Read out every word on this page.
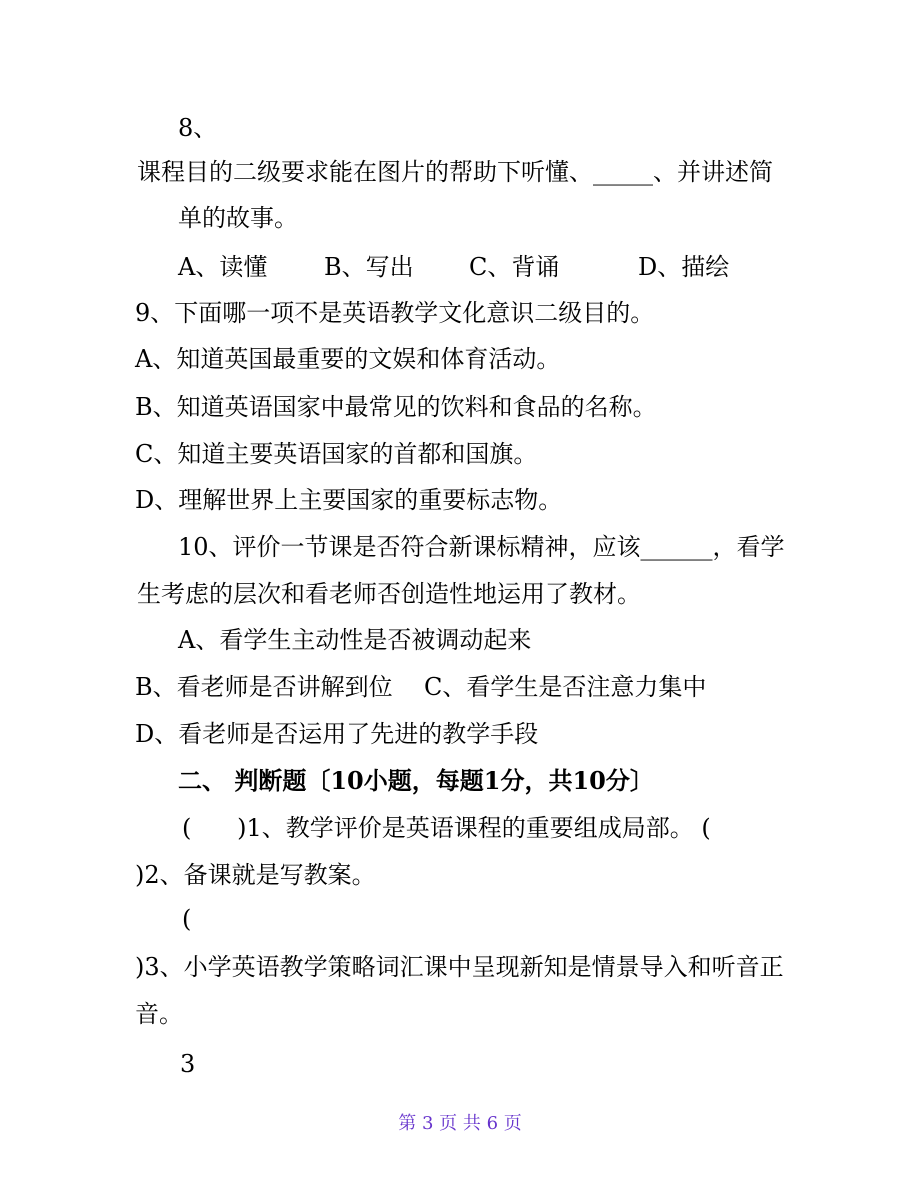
8、
课程目的二级要求能在图片的帮助下听懂、_____、并讲述简
单的故事。
A、读懂 B、写出 C、背诵	D、描绘
9、下面哪一项不是英语教学文化意识二级目的。
A、知道英国最重要的文娱和体育活动。
B、知道英语国家中最常见的饮料和食品的名称。
C、知道主要英语国家的首都和国旗。
D、理解世界上主要国家的重要标志物。
10、评价一节课是否符合新课标精神，应该______，看学
生考虑的层次和看老师否创造性地运用了教材。
A、看学生主动性是否被调动起来
B、看老师是否讲解到位 C、看学生是否注意力集中
D、看老师是否运用了先进的教学手段
二、 判断题〔10小题，每题1分，共10分〕
(      )1、教学评价是英语课程的重要组成局部。 (
)2、备课就是写教案。
(
)3、小学英语教学策略词汇课中呈现新知是情景导入和听音正
音。
3
第 3 页 共 6 页
